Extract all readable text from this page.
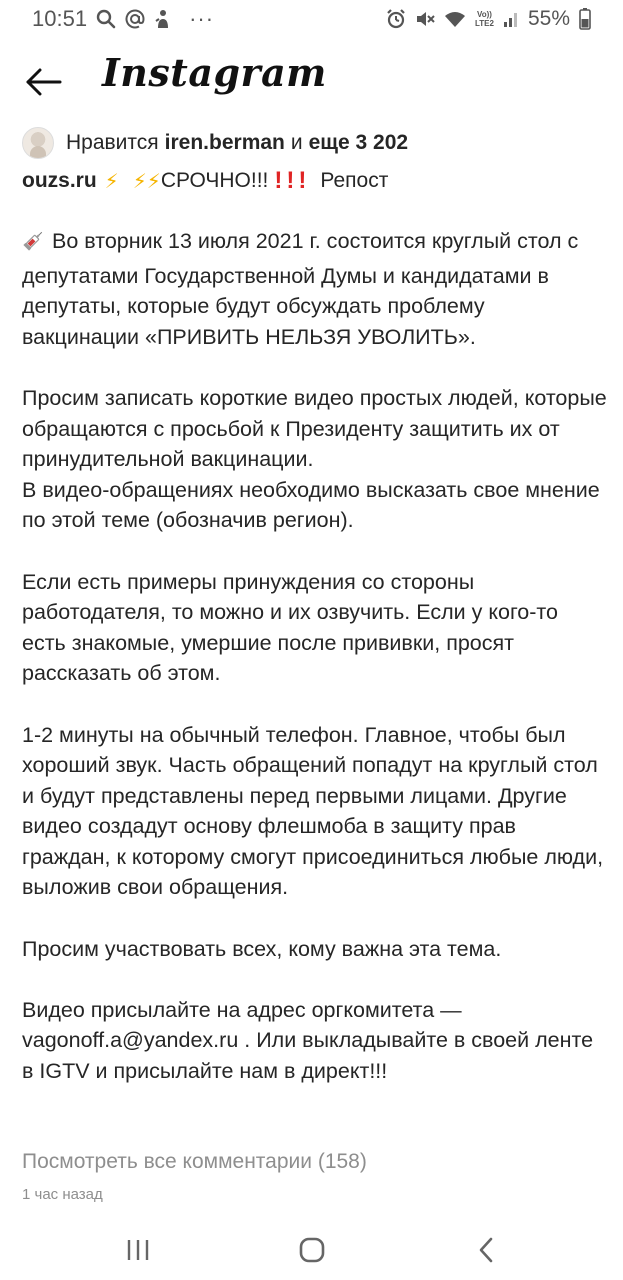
10:51	···	Vo))
LTE2 55%
Instagram
Нравится iren.berman и еще 3 202
ouzs.ru ⚡ ⚡ ⚡ СРОЧНО!!! ! ! ! Репост

Во вторник 13 июля 2021 г. состоится круглый стол с депутатами Государственной Думы и кандидатами в депутаты, которые будут обсуждать проблему вакцинации «ПРИВИТЬ НЕЛЬЗЯ УВОЛИТЬ».

Просим записать короткие видео простых людей, которые обращаются с просьбой к Президенту защитить их от принудительной вакцинации.
В видео-обращениях необходимо высказать свое мнение по этой теме (обозначив регион).

Если есть примеры принуждения со стороны работодателя, то можно и их озвучить. Если у кого-то есть знакомые, умершие после прививки, просят рассказать об этом.

1-2 минуты на обычный телефон. Главное, чтобы был хороший звук. Часть обращений попадут на круглый стол и будут представлены перед первыми лицами. Другие видео создадут основу флешмоба в защиту прав граждан, к которому смогут присоединиться любые люди, выложив свои обращения.

Просим участвовать всех, кому важна эта тема.

Видео присылайте на адрес оргкомитета — vagonoff.a@yandex.ru . Или выкладывайте в своей ленте в IGTV и присылайте нам в директ!!!

Посмотреть все комментарии (158)
1 час назад
